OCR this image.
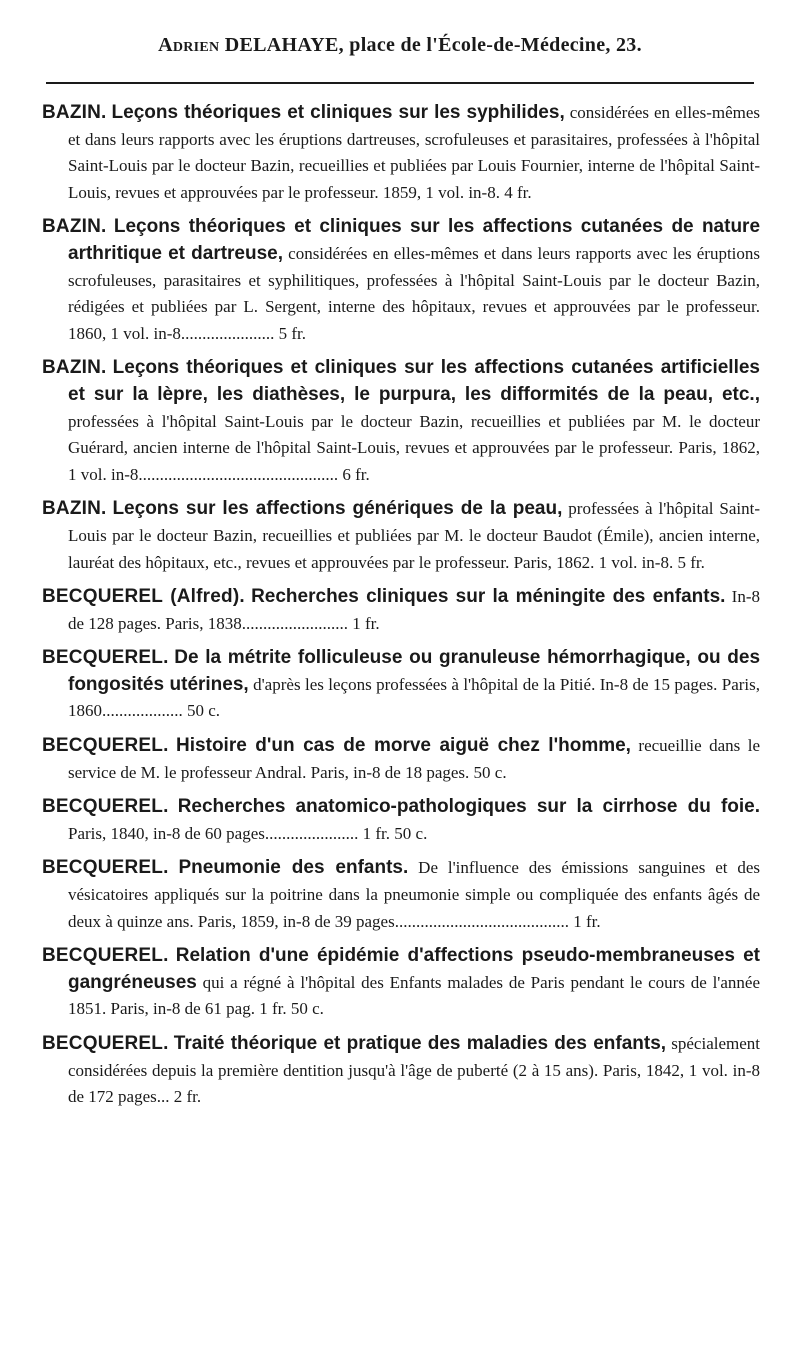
Adrien DELAHAYE, place de l'École-de-Médecine, 23.

BAZIN. Leçons théoriques et cliniques sur les syphilides, considérées en elles-mêmes et dans leurs rapports avec les éruptions dartreuses, scrofuleuses et parasitaires, professées à l'hôpital Saint-Louis par le docteur Bazin, recueillies et publiées par Louis Fournier, interne de l'hôpital Saint-Louis, revues et approuvées par le professeur. 1859, 1 vol. in-8. 4 fr.

BAZIN. Leçons théoriques et cliniques sur les affections cutanées de nature arthritique et dartreuse, considérées en elles-mêmes et dans leurs rapports avec les éruptions scrofuleuses, parasitaires et syphilitiques, professées à l'hôpital Saint-Louis par le docteur Bazin, rédigées et publiées par L. Sergent, interne des hôpitaux, revues et approuvées par le professeur. 1860, 1 vol. in-8...................... 5 fr.

BAZIN. Leçons théoriques et cliniques sur les affections cutanées artificielles et sur la lèpre, les diathèses, le purpura, les difformités de la peau, etc., professées à l'hôpital Saint-Louis par le docteur Bazin, recueillies et publiées par M. le docteur Guérard, ancien interne de l'hôpital Saint-Louis, revues et approuvées par le professeur. Paris, 1862, 1 vol. in-8............................................... 6 fr.

BAZIN. Leçons sur les affections génériques de la peau, professées à l'hôpital Saint-Louis par le docteur Bazin, recueillies et publiées par M. le docteur Baudot (Émile), ancien interne, lauréat des hôpitaux, etc., revues et approuvées par le professeur. Paris, 1862. 1 vol. in-8. 5 fr.

BECQUEREL (Alfred). Recherches cliniques sur la méningite des enfants. In-8 de 128 pages. Paris, 1838......................... 1 fr.

BECQUEREL. De la métrite folliculeuse ou granuleuse hémorrhagique, ou des fongosités utérines, d'après les leçons professées à l'hôpital de la Pitié. In-8 de 15 pages. Paris, 1860................... 50 c.

BECQUEREL. Histoire d'un cas de morve aiguë chez l'homme, recueillie dans le service de M. le professeur Andral. Paris, in-8 de 18 pages. 50 c.

BECQUEREL. Recherches anatomico-pathologiques sur la cirrhose du foie. Paris, 1840, in-8 de 60 pages...................... 1 fr. 50 c.

BECQUEREL. Pneumonie des enfants. De l'influence des émissions sanguines et des vésicatoires appliqués sur la poitrine dans la pneumonie simple ou compliquée des enfants âgés de deux à quinze ans. Paris, 1859, in-8 de 39 pages......................................... 1 fr.

BECQUEREL. Relation d'une épidémie d'affections pseudo-membraneuses et gangréneuses qui a régné à l'hôpital des Enfants malades de Paris pendant le cours de l'année 1851. Paris, in-8 de 61 pag. 1 fr. 50 c.

BECQUEREL. Traité théorique et pratique des maladies des enfants, spécialement considérées depuis la première dentition jusqu'à l'âge de puberté (2 à 15 ans). Paris, 1842, 1 vol. in-8 de 172 pages... 2 fr.
